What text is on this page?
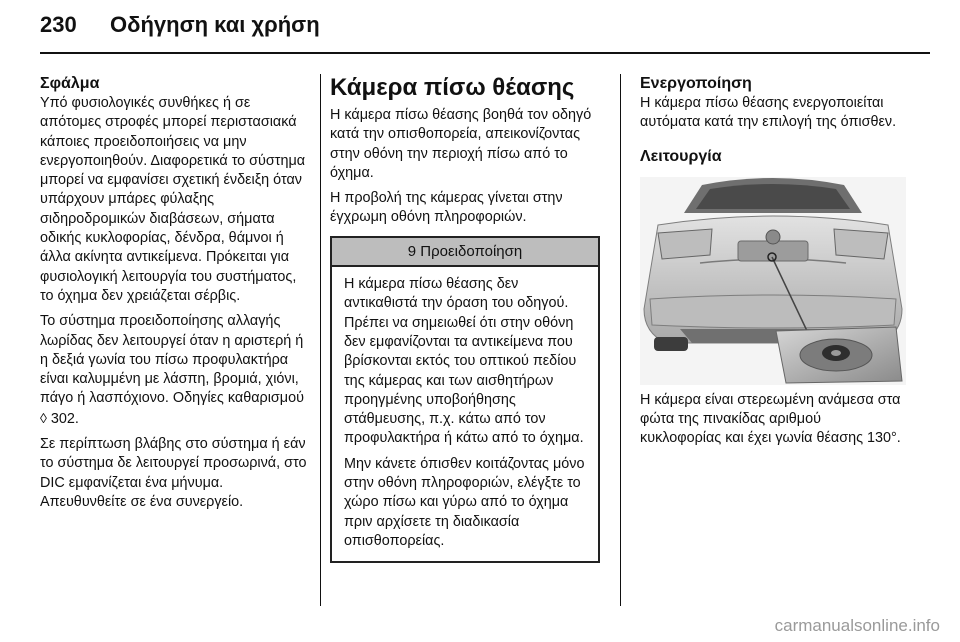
230 Οδήγηση και χρήση
Σφάλμα

Υπό φυσιολογικές συνθήκες ή σε απότομες στροφές μπορεί περιστασιακά κάποιες προειδοποιήσεις να μην ενεργοποιηθούν. Διαφορετικά το σύστημα μπορεί να εμφανίσει σχετική ένδειξη όταν υπάρχουν μπάρες φύλαξης σιδηροδρομικών διαβάσεων, σήματα οδικής κυκλοφορίας, δένδρα, θάμνοι ή άλλα ακίνητα αντικείμενα. Πρόκειται για φυσιολογική λειτουργία του συστήματος, το όχημα δεν χρειάζεται σέρβις.

Το σύστημα προειδοποίησης αλλαγής λωρίδας δεν λειτουργεί όταν η αριστερή ή η δεξιά γωνία του πίσω προφυλακτήρα είναι καλυμμένη με λάσπη, βρομιά, χιόνι, πάγο ή λασπόχιονο. Οδηγίες καθαρισμού ◊ 302.

Σε περίπτωση βλάβης στο σύστημα ή εάν το σύστημα δε λειτουργεί προσωρινά, στο DIC εμφανίζεται ένα μήνυμα. Απευθυνθείτε σε ένα συνεργείο.

Κάμερα πίσω θέασης

Η κάμερα πίσω θέασης βοηθά τον οδηγό κατά την οπισθοπορεία, απεικονίζοντας στην οθόνη την περιοχή πίσω από το όχημα.

Η προβολή της κάμερας γίνεται στην έγχρωμη οθόνη πληροφοριών.

9 Προειδοποίηση

Η κάμερα πίσω θέασης δεν αντικαθιστά την όραση του οδηγού. Πρέπει να σημειωθεί ότι στην οθόνη δεν εμφανίζονται τα αντικείμενα που βρίσκονται εκτός του οπτικού πεδίου της κάμερας και των αισθητήρων προηγμένης υποβοήθησης στάθμευσης, π.χ. κάτω από τον προφυλακτήρα ή κάτω από το όχημα.

Μην κάνετε όπισθεν κοιτάζοντας μόνο στην οθόνη πληροφοριών, ελέγξτε το χώρο πίσω και γύρω από το όχημα πριν αρχίσετε τη διαδικασία οπισθοπορείας.

Ενεργοποίηση

Η κάμερα πίσω θέασης ενεργοποιείται αυτόματα κατά την επιλογή της όπισθεν.

Λειτουργία

Η κάμερα είναι στερεωμένη ανάμεσα στα φώτα της πινακίδας αριθμού κυκλοφορίας και έχει γωνία θέασης 130°.

carmanualsonline.info
